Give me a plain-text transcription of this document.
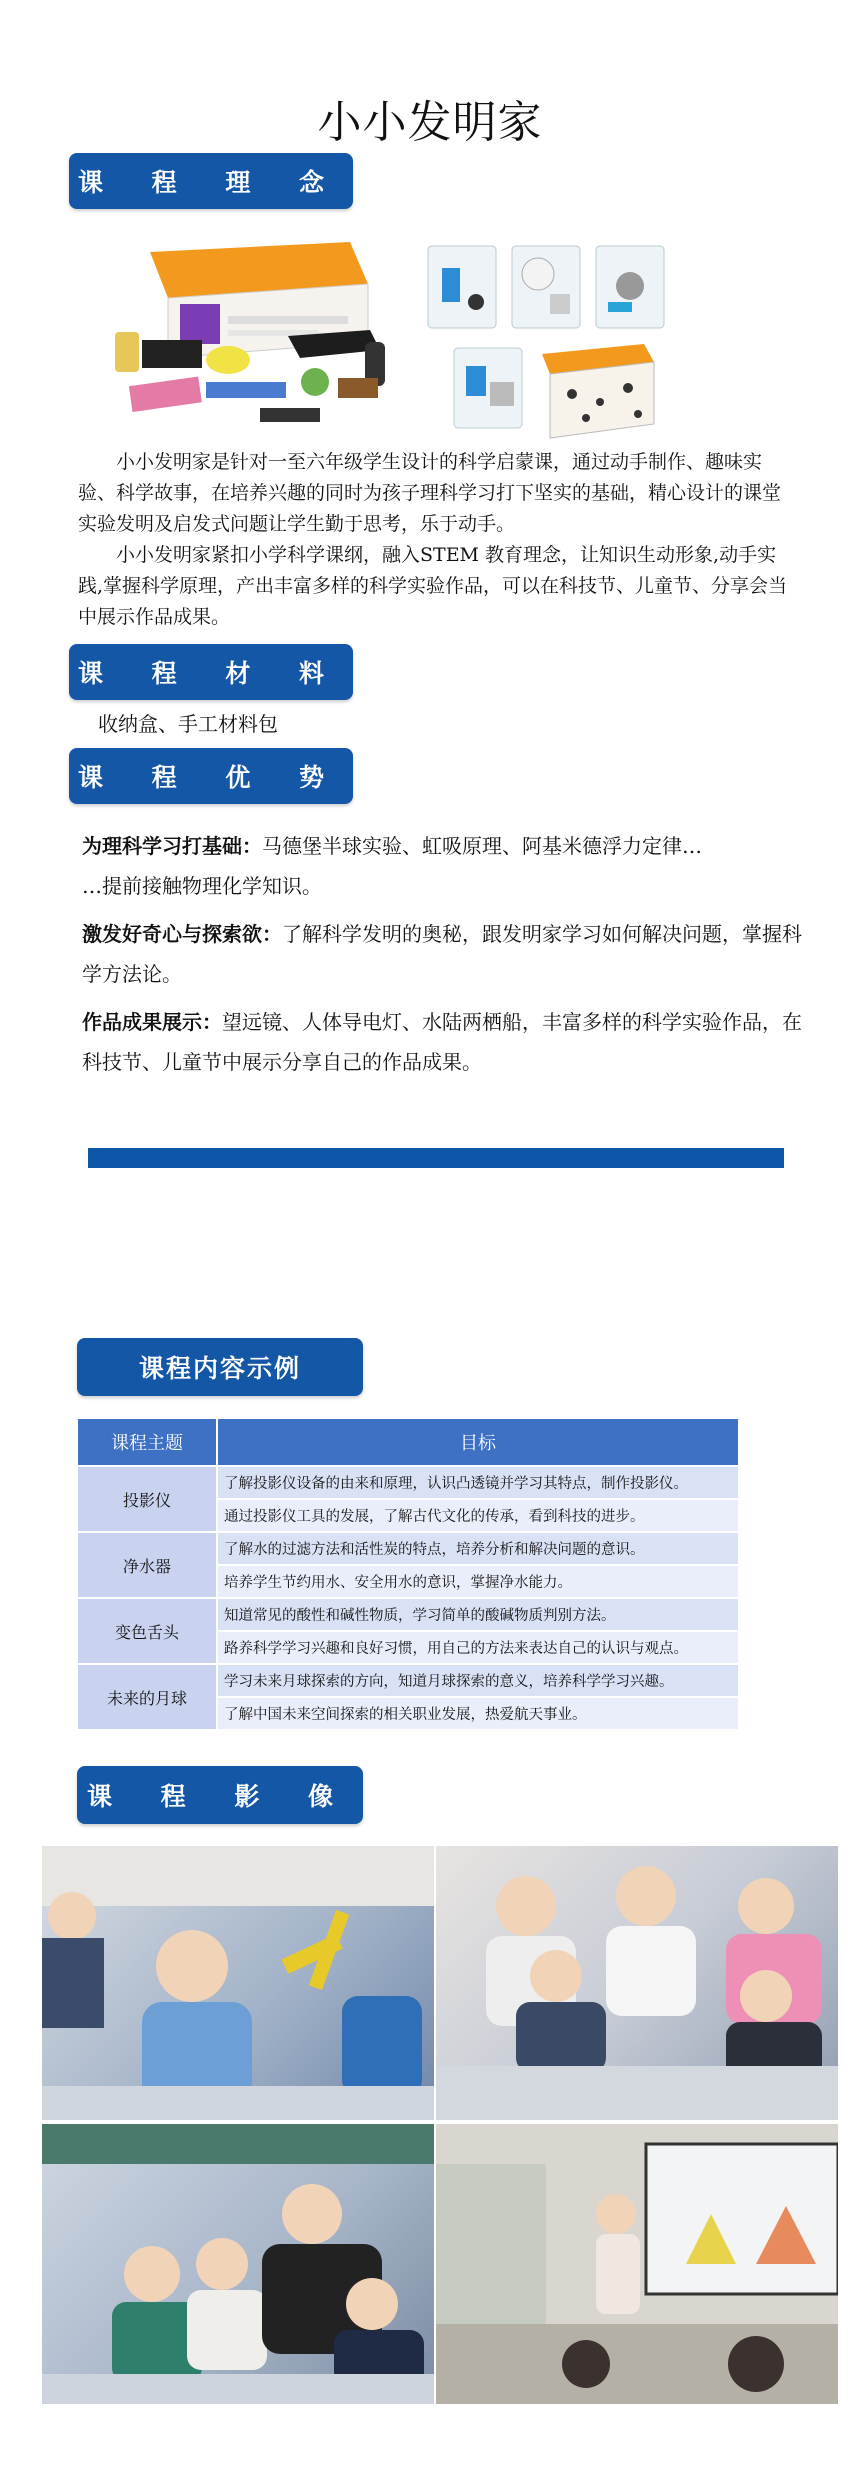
小小发明家
课 程 理 念

小小发明家是针对一至六年级学生设计的科学启蒙课，通过动手制作、趣味实验、科学故事，在培养兴趣的同时为孩子理科学习打下坚实的基础，精心设计的课堂实验发明及启发式问题让学生勤于思考，乐于动手。

小小发明家紧扣小学科学课纲，融入STEM 教育理念，让知识生动形象,动手实践,掌握科学原理，产出丰富多样的科学实验作品，可以在科技节、儿童节、分享会当中展示作品成果。

课 程 材 料
收纳盒、手工材料包
课 程 优 势

为理科学习打基础：马德堡半球实验、虹吸原理、阿基米德浮力定律…

…提前接触物理化学知识。

激发好奇心与探索欲：了解科学发明的奥秘，跟发明家学习如何解决问题，掌握科学方法论。

作品成果展示：望远镜、人体导电灯、水陆两栖船，丰富多样的科学实验作品，在科技节、儿童节中展示分享自己的作品成果。

课程内容示例
课程主题	目标
投影仪	了解投影仪设备的由来和原理，认识凸透镜并学习其特点，制作投影仪。
	通过投影仪工具的发展，了解古代文化的传承，看到科技的进步。
净水器	了解水的过滤方法和活性炭的特点，培养分析和解决问题的意识。
	培养学生节约用水、安全用水的意识，掌握净水能力。
变色舌头	知道常见的酸性和碱性物质，学习简单的酸碱物质判别方法。
	路养科学学习兴趣和良好习惯，用自己的方法来表达自己的认识与观点。
未来的月球	学习未来月球探索的方向，知道月球探索的意义，培养科学学习兴趣。
	了解中国未来空间探索的相关职业发展，热爱航天事业。
课 程 影 像
